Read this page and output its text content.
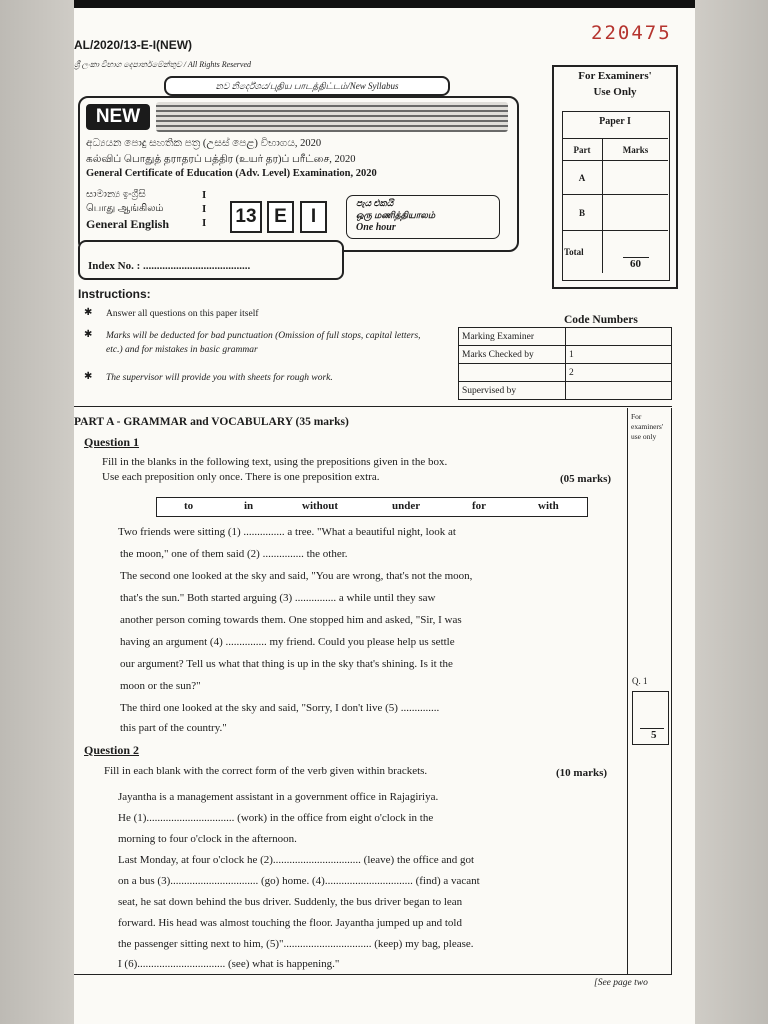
220475
AL/2020/13-E-I(NEW)
ශ්‍රී ලංකා විභාග දෙපාර්තමේන්තුව / All Rights Reserved
නව නිර්දේශය/புதிய பாடத்திட்டம்/New Syllabus
NEW
අධ්‍යයන පොදු සහතික පත්‍ර (උසස් පෙළ) විභාගය, 2020
கல்விப் பொதுத் தராதரப் பத்திர (உயர் தர)ப் பரீட்சை, 2020
General Certificate of Education (Adv. Level) Examination, 2020
සාමාන්‍ය ඉංග්‍රීසි	I
பொது ஆங்கிலம்	I
General English	I 13 E	I
පැය එකයි
ஒரு மணித்தியாலம்
One hour
For Examiners'
Use Only
Paper I
Part	Marks
A	
B	
Total	60
Index No. : .......................................
Instructions:
✱ Answer all questions on this paper itself
✱ Marks will be deducted for bad punctuation (Omission of full stops, capital letters, etc.) and for mistakes in basic grammar
✱ The supervisor will provide you with sheets for rough work.
Code Numbers
Marking Examiner	
Marks Checked by	1
	2
Supervised by	
For examiners' use only
PART A - GRAMMAR and VOCABULARY (35 marks)
Question 1
Fill in the blanks in the following text, using the prepositions given in the box.
Use each preposition only once. There is one preposition extra.	(05 marks)
to	in	without	under	for	with
Two friends were sitting (1) ............... a tree. "What a beautiful night, look at
the moon," one of them said (2) ............... the other.
The second one looked at the sky and said, "You are wrong, that's not the moon,
that's the sun." Both started arguing (3) ............... a while until they saw
another person coming towards them. One stopped him and asked, "Sir, I was
having an argument (4) ............... my friend. Could you please help us settle
our argument? Tell us what that thing is up in the sky that's shining. Is it the
moon or the sun?"
The third one looked at the sky and said, "Sorry, I don't live (5) ..............
this part of the country."
Q. 1
5
Question 2
Fill in each blank with the correct form of the verb given within brackets.	(10 marks)
Jayantha is a management assistant in a government office in Rajagiriya.
He (1)................................ (work) in the office from eight o'clock in the
morning to four o'clock in the afternoon.
Last Monday, at four o'clock he (2)................................ (leave) the office and got
on a bus (3)................................ (go) home. (4)................................ (find) a vacant
seat, he sat down behind the bus driver. Suddenly, the bus driver began to lean
forward. His head was almost touching the floor. Jayantha jumped up and told
the passenger sitting next to him, (5)"................................ (keep) my bag, please.
I (6)................................ (see) what is happening."
[See page two
